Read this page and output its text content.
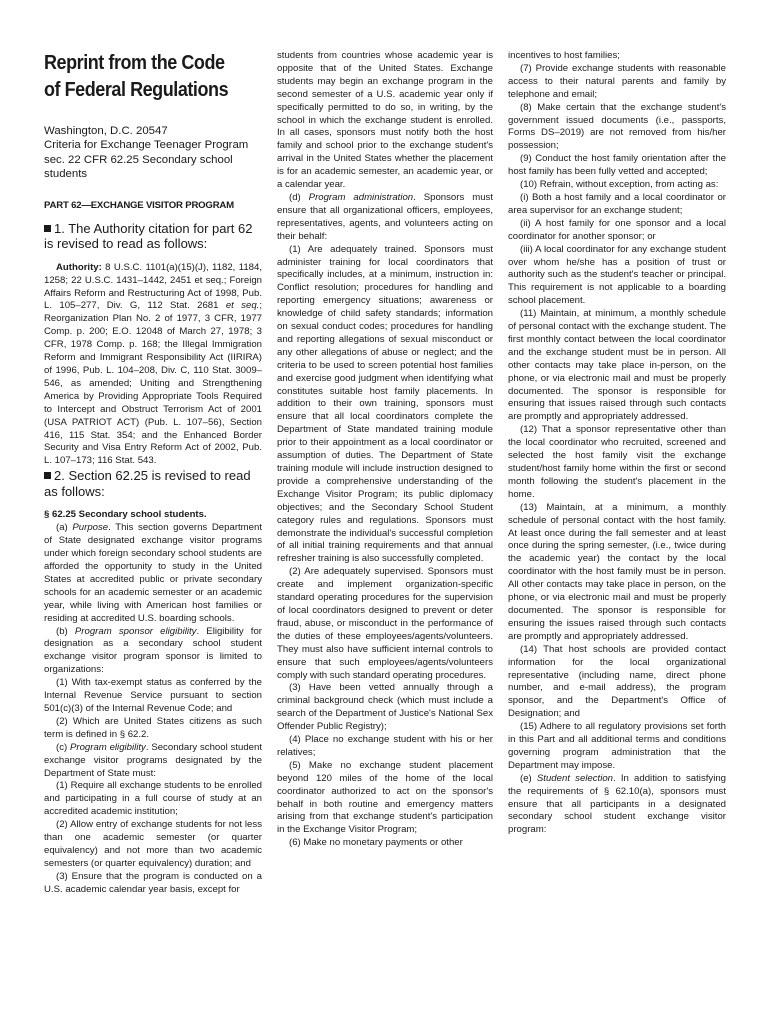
Reprint from the Code
of Federal Regulations
Washington, D.C. 20547
Criteria for Exchange Teenager Program
sec. 22 CFR 62.25 Secondary school
students
PART 62—EXCHANGE VISITOR PROGRAM
1. The Authority citation for part 62 is revised to read as follows:

Authority: 8 U.S.C. 1101(a)(15)(J), 1182, 1184, 1258; 22 U.S.C. 1431–1442, 2451 et seq.; Foreign Affairs Reform and Restructuring Act of 1998, Pub. L. 105–277, Div. G, 112 Stat. 2681 et seq.; Reorganization Plan No. 2 of 1977, 3 CFR, 1977 Comp. p. 200; E.O. 12048 of March 27, 1978; 3 CFR, 1978 Comp. p. 168; the Illegal Immigration Reform and Immigrant Responsibility Act (IIRIRA) of 1996, Pub. L. 104–208, Div. C, 110 Stat. 3009–546, as amended; Uniting and Strengthening America by Providing Appropriate Tools Required to Intercept and Obstruct Terrorism Act of 2001 (USA PATRIOT ACT) (Pub. L. 107–56), Section 416, 115 Stat. 354; and the Enhanced Border Security and Visa Entry Reform Act of 2002, Pub. L. 107–173; 116 Stat. 543.

2. Section 62.25 is revised to read as follows:

§ 62.25 Secondary school students.

(a) Purpose. This section governs Department of State designated exchange visitor programs under which foreign secondary school students are afforded the opportunity to study in the United States at accredited public or private secondary schools for an academic semester or an academic year, while living with American host families or residing at accredited U.S. boarding schools.

(b) Program sponsor eligibility. Eligibility for designation as a secondary school student exchange visitor program sponsor is limited to organizations:

(1) With tax-exempt status as conferred by the Internal Revenue Service pursuant to section 501(c)(3) of the Internal Revenue Code; and

(2) Which are United States citizens as such term is defined in § 62.2.

(c) Program eligibility. Secondary school student exchange visitor programs designated by the Department of State must:

(1) Require all exchange students to be enrolled and participating in a full course of study at an accredited academic institution;

(2) Allow entry of exchange students for not less than one academic semester (or quarter equivalency) and not more than two academic semesters (or quarter equivalency) duration; and

(3) Ensure that the program is conducted on a U.S. academic calendar year basis, except for

students from countries whose academic year is opposite that of the United States. Exchange students may begin an exchange program in the second semester of a U.S. academic year only if specifically permitted to do so, in writing, by the school in which the exchange student is enrolled. In all cases, sponsors must notify both the host family and school prior to the exchange student's arrival in the United States whether the placement is for an academic semester, an academic year, or a calendar year.

(d) Program administration. Sponsors must ensure that all organizational officers, employees, representatives, agents, and volunteers acting on their behalf:

(1) Are adequately trained. Sponsors must administer training for local coordinators that specifically includes, at a minimum, instruction in: Conflict resolution; procedures for handling and reporting emergency situations; awareness or knowledge of child safety standards; information on sexual conduct codes; procedures for handling and reporting allegations of sexual misconduct or any other allegations of abuse or neglect; and the criteria to be used to screen potential host families and exercise good judgment when identifying what constitutes suitable host family placements. In addition to their own training, sponsors must ensure that all local coordinators complete the Department of State mandated training module prior to their appointment as a local coordinator or assumption of duties. The Department of State training module will include instruction designed to provide a comprehensive understanding of the Exchange Visitor Program; its public diplomacy objectives; and the Secondary School Student category rules and regulations. Sponsors must demonstrate the individual's successful completion of all initial training requirements and that annual refresher training is also successfully completed.

(2) Are adequately supervised. Sponsors must create and implement organization-specific standard operating procedures for the supervision of local coordinators designed to prevent or deter fraud, abuse, or misconduct in the performance of the duties of these employees/agents/volunteers. They must also have sufficient internal controls to ensure that such employees/agents/volunteers comply with such standard operating procedures.

(3) Have been vetted annually through a criminal background check (which must include a search of the Department of Justice's National Sex Offender Public Registry);

(4) Place no exchange student with his or her relatives;

(5) Make no exchange student placement beyond 120 miles of the home of the local coordinator authorized to act on the sponsor's behalf in both routine and emergency matters arising from that exchange student's participation in the Exchange Visitor Program;

(6) Make no monetary payments or other

incentives to host families;

(7) Provide exchange students with reasonable access to their natural parents and family by telephone and email;

(8) Make certain that the exchange student's government issued documents (i.e., passports, Forms DS–2019) are not removed from his/her possession;

(9) Conduct the host family orientation after the host family has been fully vetted and accepted;

(10) Refrain, without exception, from acting as:

(i) Both a host family and a local coordinator or area supervisor for an exchange student;

(ii) A host family for one sponsor and a local coordinator for another sponsor; or

(iii) A local coordinator for any exchange student over whom he/she has a position of trust or authority such as the student's teacher or principal. This requirement is not applicable to a boarding school placement.

(11) Maintain, at minimum, a monthly schedule of personal contact with the exchange student. The first monthly contact between the local coordinator and the exchange student must be in person. All other contacts may take place in-person, on the phone, or via electronic mail and must be properly documented. The sponsor is responsible for ensuring that issues raised through such contacts are promptly and appropriately addressed.

(12) That a sponsor representative other than the local coordinator who recruited, screened and selected the host family visit the exchange student/host family home within the first or second month following the student's placement in the home.

(13) Maintain, at a minimum, a monthly schedule of personal contact with the host family. At least once during the fall semester and at least once during the spring semester, (i.e., twice during the academic year) the contact by the local coordinator with the host family must be in person. All other contacts may take place in person, on the phone, or via electronic mail and must be properly documented. The sponsor is responsible for ensuring the issues raised through such contacts are promptly and appropriately addressed.

(14) That host schools are provided contact information for the local organizational representative (including name, direct phone number, and e-mail address), the program sponsor, and the Department's Office of Designation; and

(15) Adhere to all regulatory provisions set forth in this Part and all additional terms and conditions governing program administration that the Department may impose.

(e) Student selection. In addition to satisfying the requirements of § 62.10(a), sponsors must ensure that all participants in a designated secondary school student exchange visitor program:
